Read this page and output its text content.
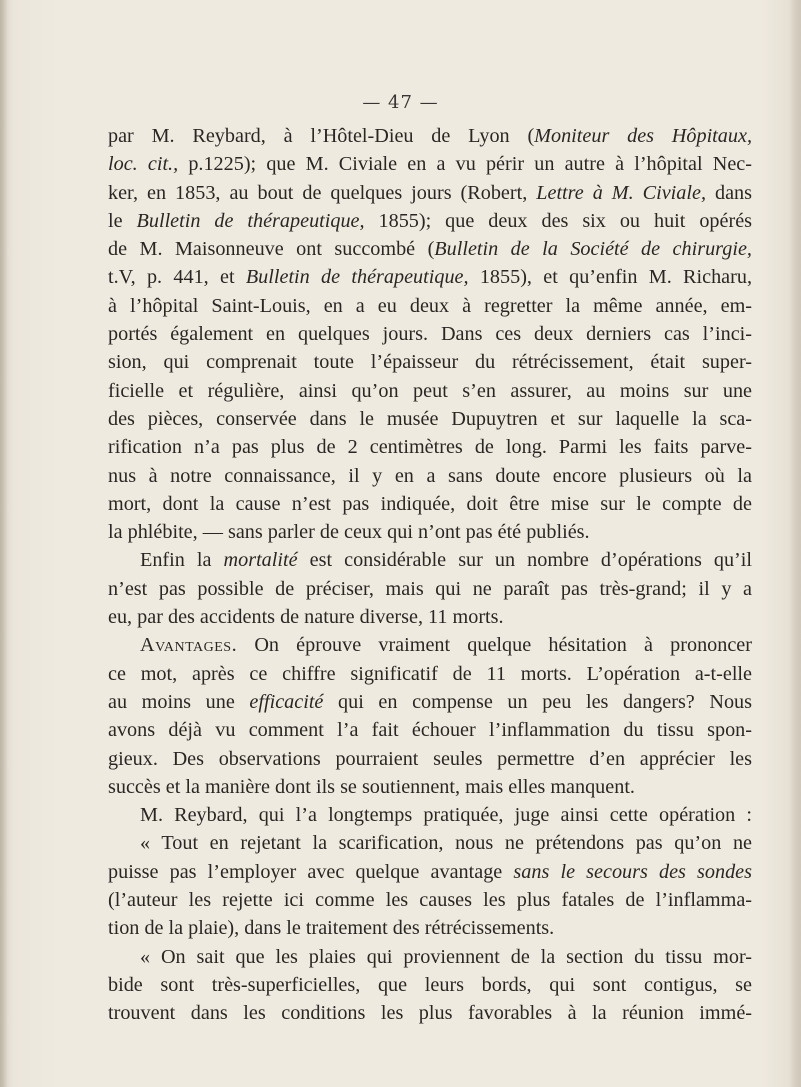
— 47 —
par M. Reybard, à l’Hôtel-Dieu de Lyon (Moniteur des Hôpitaux,
loc. cit., p.1225); que M. Civiale en a vu périr un autre à l’hôpital Nec-
ker, en 1853, au bout de quelques jours (Robert, Lettre à M. Civiale, dans
le Bulletin de thérapeutique, 1855); que deux des six ou huit opérés
de M. Maisonneuve ont succombé (Bulletin de la Société de chirurgie,
t.V, p. 441, et Bulletin de thérapeutique, 1855), et qu’enfin M. Richaru,
à l’hôpital Saint-Louis, en a eu deux à regretter la même année, em-
portés également en quelques jours. Dans ces deux derniers cas l’inci-
sion, qui comprenait toute l’épaisseur du rétrécissement, était super-
ficielle et régulière, ainsi qu’on peut s’en assurer, au moins sur une
des pièces, conservée dans le musée Dupuytren et sur laquelle la sca-
rification n’a pas plus de 2 centimètres de long. Parmi les faits parve-
nus à notre connaissance, il y en a sans doute encore plusieurs où la
mort, dont la cause n’est pas indiquée, doit être mise sur le compte de
la phlébite, — sans parler de ceux qui n’ont pas été publiés.
Enfin la mortalité est considérable sur un nombre d’opérations qu’il
n’est pas possible de préciser, mais qui ne paraît pas très-grand; il y a
eu, par des accidents de nature diverse, 11 morts.
Avantages. On éprouve vraiment quelque hésitation à prononcer
ce mot, après ce chiffre significatif de 11 morts. L’opération a-t-elle
au moins une efficacité qui en compense un peu les dangers? Nous
avons déjà vu comment l’a fait échouer l’inflammation du tissu spon-
gieux. Des observations pourraient seules permettre d’en apprécier les
succès et la manière dont ils se soutiennent, mais elles manquent.
M. Reybard, qui l’a longtemps pratiquée, juge ainsi cette opération :
« Tout en rejetant la scarification, nous ne prétendons pas qu’on ne
puisse pas l’employer avec quelque avantage sans le secours des sondes
(l’auteur les rejette ici comme les causes les plus fatales de l’inflamma-
tion de la plaie), dans le traitement des rétrécissements.
« On sait que les plaies qui proviennent de la section du tissu mor-
bide sont très-superficielles, que leurs bords, qui sont contigus, se
trouvent dans les conditions les plus favorables à la réunion immé-
